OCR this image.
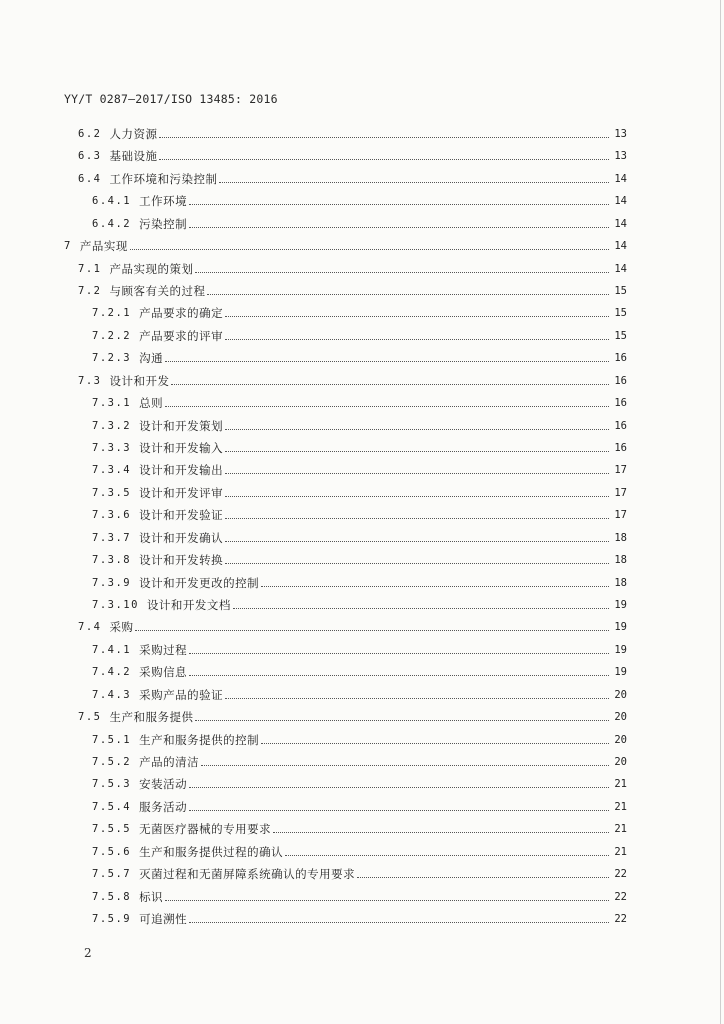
YY/T 0287—2017/ISO 13485: 2016
6.2 人力资源	13
6.3 基础设施	13
6.4 工作环境和污染控制	14
6.4.1 工作环境	14
6.4.2 污染控制	14
7 产品实现	14
7.1 产品实现的策划	14
7.2 与顾客有关的过程	15
7.2.1 产品要求的确定	15
7.2.2 产品要求的评审	15
7.2.3 沟通	16
7.3 设计和开发	16
7.3.1 总则	16
7.3.2 设计和开发策划	16
7.3.3 设计和开发输入	16
7.3.4 设计和开发输出	17
7.3.5 设计和开发评审	17
7.3.6 设计和开发验证	17
7.3.7 设计和开发确认	18
7.3.8 设计和开发转换	18
7.3.9 设计和开发更改的控制	18
7.3.10 设计和开发文档	19
7.4 采购	19
7.4.1 采购过程	19
7.4.2 采购信息	19
7.4.3 采购产品的验证	20
7.5 生产和服务提供	20
7.5.1 生产和服务提供的控制	20
7.5.2 产品的清洁	20
7.5.3 安装活动	21
7.5.4 服务活动	21
7.5.5 无菌医疗器械的专用要求	21
7.5.6 生产和服务提供过程的确认	21
7.5.7 灭菌过程和无菌屏障系统确认的专用要求	22
7.5.8 标识	22
7.5.9 可追溯性	22
2
